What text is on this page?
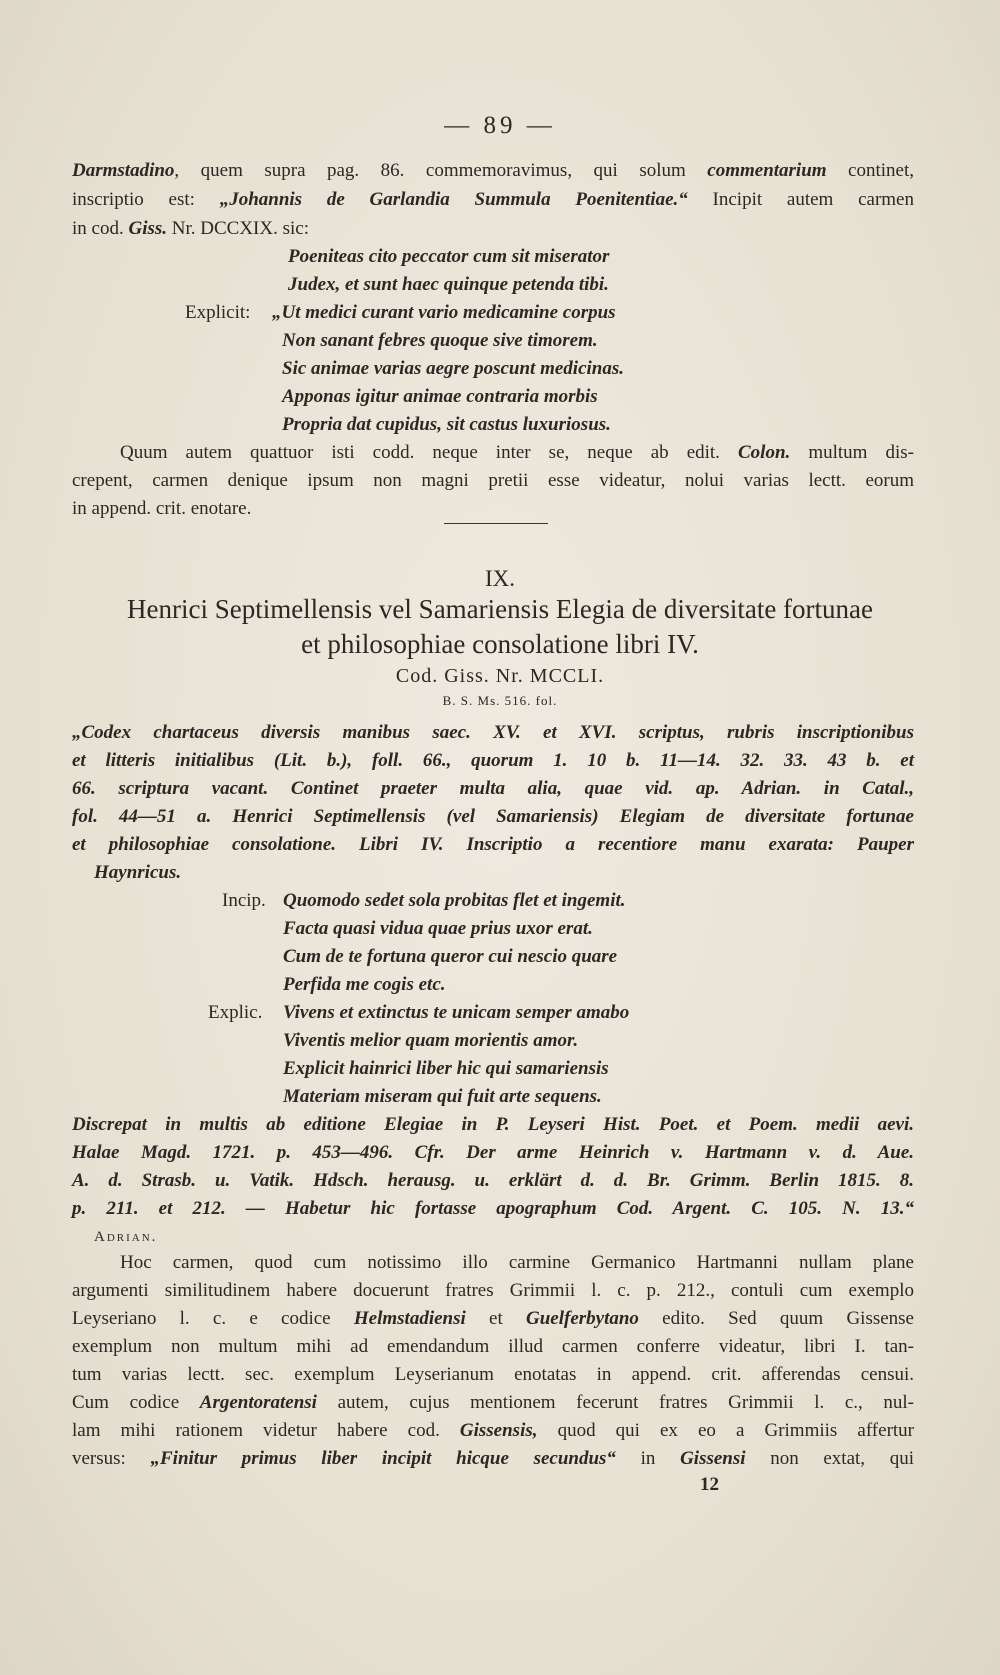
— 89 —
Darmstadino, quem supra pag. 86. commemoravimus, qui solum commentarium continet,
inscriptio est: „Johannis de Garlandia Summula Poenitentiae.“ Incipit autem carmen
in cod. Giss. Nr. DCCXIX. sic:
Poeniteas cito peccator cum sit miserator
Judex, et sunt haec quinque petenda tibi.
Explicit: „Ut medici curant vario medicamine corpus
Non sanant febres quoque sive timorem.
Sic animae varias aegre poscunt medicinas.
Apponas igitur animae contraria morbis
Propria dat cupidus, sit castus luxuriosus.
Quum autem quattuor isti codd. neque inter se, neque ab edit. Colon. multum dis-
crepent, carmen denique ipsum non magni pretii esse videatur, nolui varias lectt. eorum
in append. crit. enotare.
IX.
Henrici Septimellensis vel Samariensis Elegia de diversitate fortunae
et philosophiae consolatione libri IV.
Cod. Giss. Nr. MCCLI.
B. S. Ms. 516. fol.
„Codex chartaceus diversis manibus saec. XV. et XVI. scriptus, rubris inscriptionibus
et litteris initialibus (Lit. b.), foll. 66., quorum 1. 10 b. 11—14. 32. 33. 43 b. et
66. scriptura vacant. Continet praeter multa alia, quae vid. ap. Adrian. in Catal.,
fol. 44—51 a. Henrici Septimellensis (vel Samariensis) Elegiam de diversitate fortunae
et philosophiae consolatione. Libri IV. Inscriptio a recentiore manu exarata: Pauper
Haynricus.
Incip. Quomodo sedet sola probitas flet et ingemit.
Facta quasi vidua quae prius uxor erat.
Cum de te fortuna queror cui nescio quare
Perfida me cogis etc.
Explic. Vivens et extinctus te unicam semper amabo
Viventis melior quam morientis amor.
Explicit hainrici liber hic qui samariensis
Materiam miseram qui fuit arte sequens.
Discrepat in multis ab editione Elegiae in P. Leyseri Hist. Poet. et Poem. medii aevi.
Halae Magd. 1721. p. 453—496. Cfr. Der arme Heinrich v. Hartmann v. d. Aue.
A. d. Strasb. u. Vatik. Hdsch. herausg. u. erklärt d. d. Br. Grimm. Berlin 1815. 8.
p. 211. et 212. — Habetur hic fortasse apographum Cod. Argent. C. 105. N. 13.“
Adrian.
Hoc carmen, quod cum notissimo illo carmine Germanico Hartmanni nullam plane
argumenti similitudinem habere docuerunt fratres Grimmii l. c. p. 212., contuli cum exemplo
Leyseriano l. c. e codice Helmstadiensi et Guelferbytano edito. Sed quum Gissense
exemplum non multum mihi ad emendandum illud carmen conferre videatur, libri I. tan-
tum varias lectt. sec. exemplum Leyserianum enotatas in append. crit. afferendas censui.
Cum codice Argentoratensi autem, cujus mentionem fecerunt fratres Grimmii l. c., nul-
lam mihi rationem videtur habere cod. Gissensis, quod qui ex eo a Grimmiis affertur
versus: „Finitur primus liber incipit hicque secundus“ in Gissensi non extat, qui
12
